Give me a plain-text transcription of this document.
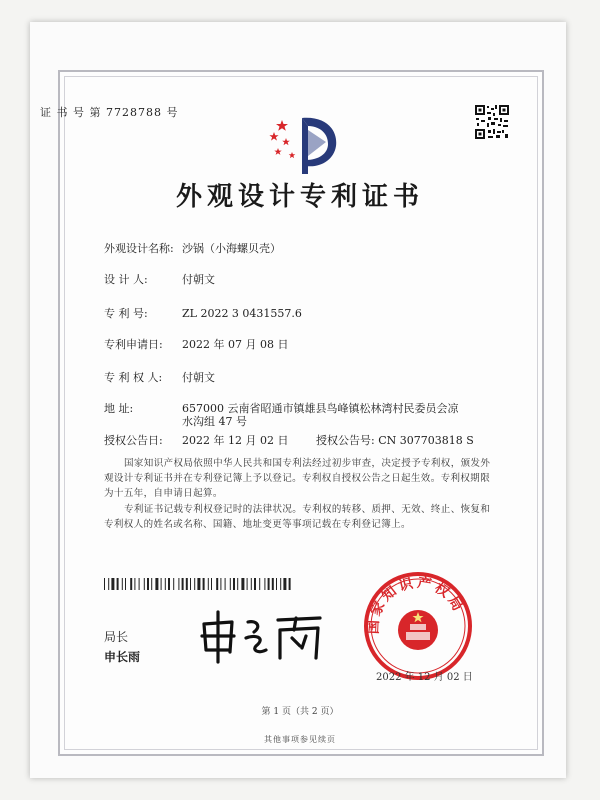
证 书 号 第 7728788 号
外观设计专利证书
外观设计名称: 沙锅（小海螺贝壳）
设 计 人:	付朝文
专 利 号:	ZL 2022 3 0431557.6
专利申请日: 2022 年 07 月 08 日
专 利 权 人: 付朝文
地 址:	657000 云南省昭通市镇雄县鸟峰镇松林湾村民委员会凉
水沟组 47 号
授权公告日: 2022 年 12 月 02 日	授权公告号: CN 307703818 S
国家知识产权局依照中华人民共和国专利法经过初步审查，决定授予专利权，颁发外观设计专利证书并在专利登记簿上予以登记。专利权自授权公告之日起生效。专利权期限为十五年，自申请日起算。
专利证书记载专利权登记时的法律状况。专利权的转移、质押、无效、终止、恢复和专利权人的姓名或名称、国籍、地址变更等事项记载在专利登记簿上。
局长
申长雨
国家知识产权局
2022 年 12 月 02 日
第 1 页（共 2 页）
其他事项参见续页
